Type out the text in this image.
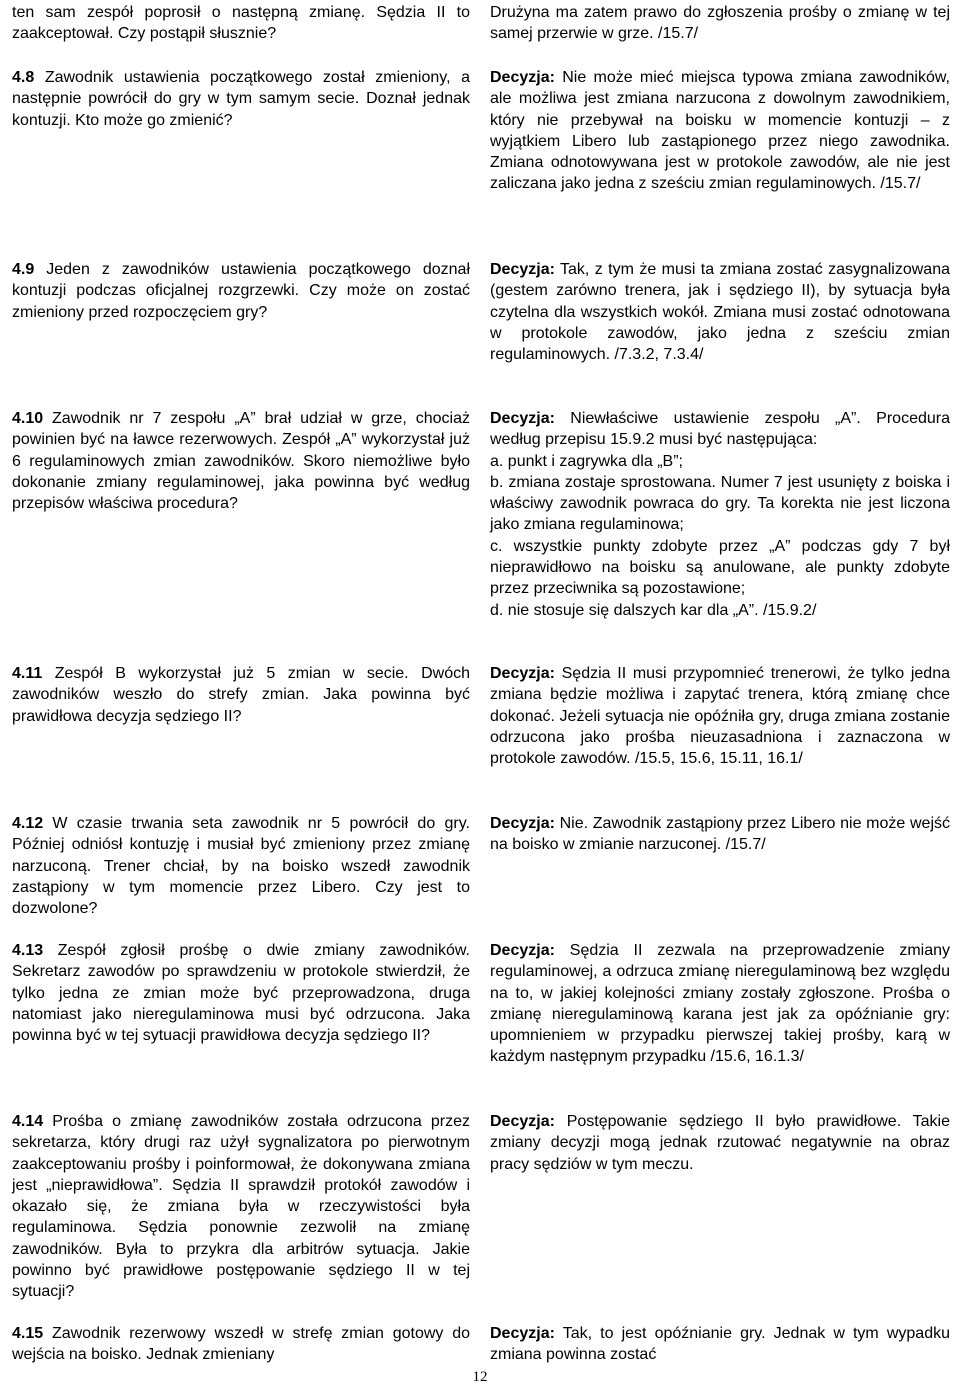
ten sam zespół poprosił o następną zmianę. Sędzia II to zaakceptował. Czy postąpił słusznie?
Drużyna ma zatem prawo do zgłoszenia prośby o zmianę w tej samej przerwie w grze. /15.7/
4.8 Zawodnik ustawienia początkowego został zmieniony, a następnie powrócił do gry w tym samym secie. Doznał jednak kontuzji. Kto może go zmienić?
Decyzja: Nie może mieć miejsca typowa zmiana zawodników, ale możliwa jest zmiana narzucona z dowolnym zawodnikiem, który nie przebywał na boisku w momencie kontuzji – z wyjątkiem Libero lub zastąpionego przez niego zawodnika. Zmiana odnotowywana jest w protokole zawodów, ale nie jest zaliczana jako jedna z sześciu zmian regulaminowych. /15.7/
4.9 Jeden z zawodników ustawienia początkowego doznał kontuzji podczas oficjalnej rozgrzewki. Czy może on zostać zmieniony przed rozpoczęciem gry?
Decyzja: Tak, z tym że musi ta zmiana zostać zasygnalizowana (gestem zarówno trenera, jak i sędziego II), by sytuacja była czytelna dla wszystkich wokół. Zmiana musi zostać odnotowana w protokole zawodów, jako jedna z sześciu zmian regulaminowych. /7.3.2, 7.3.4/
4.10 Zawodnik nr 7 zespołu „A” brał udział w grze, chociaż powinien być na ławce rezerwowych. Zespół „A” wykorzystał już 6 regulaminowych zmian zawodników. Skoro niemożliwe było dokonanie zmiany regulaminowej, jaka powinna być według przepisów właściwa procedura?
Decyzja: Niewłaściwe ustawienie zespołu „A”. Procedura według przepisu 15.9.2 musi być następująca:
a. punkt i zagrywka dla „B”;
b. zmiana zostaje sprostowana. Numer 7 jest usunięty z boiska i właściwy zawodnik powraca do gry. Ta korekta nie jest liczona jako zmiana regulaminowa;
c. wszystkie punkty zdobyte przez „A” podczas gdy 7 był nieprawidłowo na boisku są anulowane, ale punkty zdobyte przez przeciwnika są pozostawione;
d. nie stosuje się dalszych kar dla „A”. /15.9.2/
4.11 Zespół B wykorzystał już 5 zmian w secie. Dwóch zawodników weszło do strefy zmian. Jaka powinna być prawidłowa decyzja sędziego II?
Decyzja: Sędzia II musi przypomnieć trenerowi, że tylko jedna zmiana będzie możliwa i zapytać trenera, którą zmianę chce dokonać. Jeżeli sytuacja nie opóźniła gry, druga zmiana zostanie odrzucona jako prośba nieuzasadniona i zaznaczona w protokole zawodów. /15.5, 15.6, 15.11, 16.1/
4.12 W czasie trwania seta zawodnik nr 5 powrócił do gry. Później odniósł kontuzję i musiał być zmieniony przez zmianę narzuconą. Trener chciał, by na boisko wszedł zawodnik zastąpiony w tym momencie przez Libero. Czy jest to dozwolone?
Decyzja: Nie. Zawodnik zastąpiony przez Libero nie może wejść na boisko w zmianie narzuconej. /15.7/
4.13 Zespół zgłosił prośbę o dwie zmiany zawodników. Sekretarz zawodów po sprawdzeniu w protokole stwierdził, że tylko jedna ze zmian może być przeprowadzona, druga natomiast jako nieregulaminowa musi być odrzucona. Jaka powinna być w tej sytuacji prawidłowa decyzja sędziego II?
Decyzja: Sędzia II zezwala na przeprowadzenie zmiany regulaminowej, a odrzuca zmianę nieregulaminową bez względu na to, w jakiej kolejności zmiany zostały zgłoszone. Prośba o zmianę nieregulaminową karana jest jak za opóźnianie gry: upomnieniem w przypadku pierwszej takiej prośby, karą w każdym następnym przypadku /15.6, 16.1.3/
4.14 Prośba o zmianę zawodników została odrzucona przez sekretarza, który drugi raz użył sygnalizatora po pierwotnym zaakceptowaniu prośby i poinformował, że dokonywana zmiana jest „nieprawidłowa”. Sędzia II sprawdził protokół zawodów i okazało się, że zmiana była w rzeczywistości była regulaminowa. Sędzia ponownie zezwolił na zmianę zawodników. Była to przykra dla arbitrów sytuacja. Jakie powinno być prawidłowe postępowanie sędziego II w tej sytuacji?
Decyzja: Postępowanie sędziego II było prawidłowe. Takie zmiany decyzji mogą jednak rzutować negatywnie na obraz pracy sędziów w tym meczu.
4.15 Zawodnik rezerwowy wszedł w strefę zmian gotowy do wejścia na boisko. Jednak zmieniany
Decyzja: Tak, to jest opóźnianie gry. Jednak w tym wypadku zmiana powinna zostać
12
